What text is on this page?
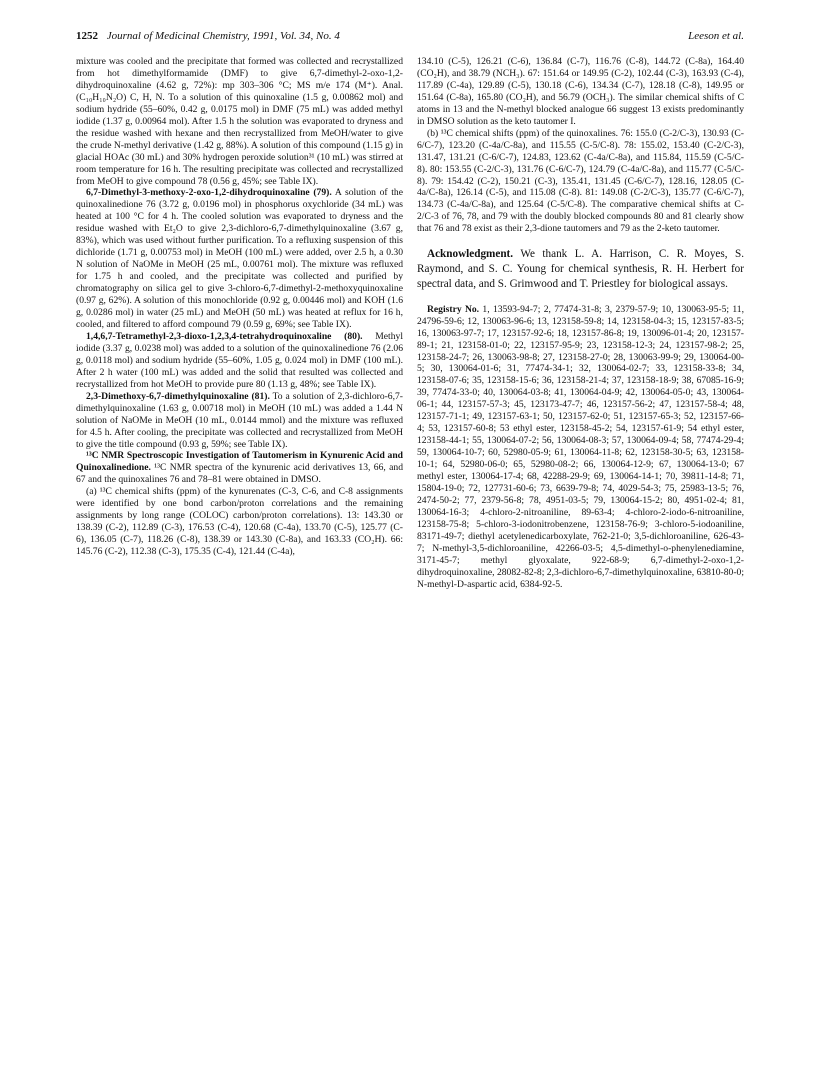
1252 Journal of Medicinal Chemistry, 1991, Vol. 34, No. 4	Leeson et al.

mixture was cooled and the precipitate that formed was collected and recrystallized from hot dimethylformamide (DMF) to give 6,7-dimethyl-2-oxo-1,2-dihydroquinoxaline (4.62 g, 72%): mp 303–306 °C; MS m/e 174 (M⁺). Anal. (C₁₀H₁₀N₂O) C, H, N. To a solution of this quinoxaline (1.5 g, 0.00862 mol) and sodium hydride (55–60%, 0.42 g, 0.0175 mol) in DMF (75 mL) was added methyl iodide (1.37 g, 0.00964 mol). After 1.5 h the solution was evaporated to dryness and the residue washed with hexane and then recrystallized from MeOH/water to give the crude N-methyl derivative (1.42 g, 88%). A solution of this compound (1.15 g) in glacial HOAc (30 mL) and 30% hydrogen peroxide solution³¹ (10 mL) was stirred at room temperature for 16 h. The resulting precipitate was collected and recrystallized from MeOH to give compound 78 (0.56 g, 45%; see Table IX).

6,7-Dimethyl-3-methoxy-2-oxo-1,2-dihydroquinoxaline (79). A solution of the quinoxalinedione 76 (3.72 g, 0.0196 mol) in phosphorus oxychloride (34 mL) was heated at 100 °C for 4 h. The cooled solution was evaporated to dryness and the residue washed with Et₂O to give 2,3-dichloro-6,7-dimethylquinoxaline (3.67 g, 83%), which was used without further purification. To a refluxing suspension of this dichloride (1.71 g, 0.00753 mol) in MeOH (100 mL) were added, over 2.5 h, a 0.30 N solution of NaOMe in MeOH (25 mL, 0.00761 mol). The mixture was refluxed for 1.75 h and cooled, and the precipitate was collected and purified by chromatography on silica gel to give 3-chloro-6,7-dimethyl-2-methoxyquinoxaline (0.97 g, 62%). A solution of this monochloride (0.92 g, 0.00446 mol) and KOH (1.6 g, 0.0286 mol) in water (25 mL) and MeOH (50 mL) was heated at reflux for 16 h, cooled, and filtered to afford compound 79 (0.59 g, 69%; see Table IX).

1,4,6,7-Tetramethyl-2,3-dioxo-1,2,3,4-tetrahydroquinoxaline (80). Methyl iodide (3.37 g, 0.0238 mol) was added to a solution of the quinoxalinedione 76 (2.06 g, 0.0118 mol) and sodium hydride (55–60%, 1.05 g, 0.024 mol) in DMF (100 mL). After 2 h water (100 mL) was added and the solid that resulted was collected and recrystallized from hot MeOH to provide pure 80 (1.13 g, 48%; see Table IX).

2,3-Dimethoxy-6,7-dimethylquinoxaline (81). To a solution of 2,3-dichloro-6,7-dimethylquinoxaline (1.63 g, 0.00718 mol) in MeOH (10 mL) was added a 1.44 N solution of NaOMe in MeOH (10 mL, 0.0144 mmol) and the mixture was refluxed for 4.5 h. After cooling, the precipitate was collected and recrystallized from MeOH to give the title compound (0.93 g, 59%; see Table IX).

¹³C NMR Spectroscopic Investigation of Tautomerism in Kynurenic Acid and Quinoxalinedione. ¹³C NMR spectra of the kynurenic acid derivatives 13, 66, and 67 and the quinoxalines 76 and 78–81 were obtained in DMSO.

(a) ¹³C chemical shifts (ppm) of the kynurenates (C-3, C-6, and C-8 assignments were identified by one bond carbon/proton correlations and the remaining assignments by long range (COLOC) carbon/proton correlations). 13: 143.30 or 138.39 (C-2), 112.89 (C-3), 176.53 (C-4), 120.68 (C-4a), 133.70 (C-5), 125.77 (C-6), 136.05 (C-7), 118.26 (C-8), 138.39 or 143.30 (C-8a), and 163.33 (CO₂H). 66: 145.76 (C-2), 112.38 (C-3), 175.35 (C-4), 121.44 (C-4a),

134.10 (C-5), 126.21 (C-6), 136.84 (C-7), 116.76 (C-8), 144.72 (C-8a), 164.40 (CO₂H), and 38.79 (NCH₃). 67: 151.64 or 149.95 (C-2), 102.44 (C-3), 163.93 (C-4), 117.89 (C-4a), 129.89 (C-5), 130.18 (C-6), 134.34 (C-7), 128.18 (C-8), 149.95 or 151.64 (C-8a), 165.80 (CO₂H), and 56.79 (OCH₃). The similar chemical shifts of C atoms in 13 and the N-methyl blocked analogue 66 suggest 13 exists predominantly in DMSO solution as the keto tautomer I.

(b) ¹³C chemical shifts (ppm) of the quinoxalines. 76: 155.0 (C-2/C-3), 130.93 (C-6/C-7), 123.20 (C-4a/C-8a), and 115.55 (C-5/C-8). 78: 155.02, 153.40 (C-2/C-3), 131.47, 131.21 (C-6/C-7), 124.83, 123.62 (C-4a/C-8a), and 115.84, 115.59 (C-5/C-8). 80: 153.55 (C-2/C-3), 131.76 (C-6/C-7), 124.79 (C-4a/C-8a), and 115.77 (C-5/C-8). 79: 154.42 (C-2), 150.21 (C-3), 135.41, 131.45 (C-6/C-7), 128.16, 128.05 (C-4a/C-8a), 126.14 (C-5), and 115.08 (C-8). 81: 149.08 (C-2/C-3), 135.77 (C-6/C-7), 134.73 (C-4a/C-8a), and 125.64 (C-5/C-8). The comparative chemical shifts at C-2/C-3 of 76, 78, and 79 with the doubly blocked compounds 80 and 81 clearly show that 76 and 78 exist as their 2,3-dione tautomers and 79 as the 2-keto tautomer.

Acknowledgment. We thank L. A. Harrison, C. R. Moyes, S. Raymond, and S. C. Young for chemical synthesis, R. H. Herbert for spectral data, and S. Grimwood and T. Priestley for biological assays.

Registry No. 1, 13593-94-7; 2, 77474-31-8; 3, 2379-57-9; 10, 130063-95-5; 11, 24796-59-6; 12, 130063-96-6; 13, 123158-59-8; 14, 123158-04-3; 15, 123157-83-5; 16, 130063-97-7; 17, 123157-92-6; 18, 123157-86-8; 19, 130096-01-4; 20, 123157-89-1; 21, 123158-01-0; 22, 123157-95-9; 23, 123158-12-3; 24, 123157-98-2; 25, 123158-24-7; 26, 130063-98-8; 27, 123158-27-0; 28, 130063-99-9; 29, 130064-00-5; 30, 130064-01-6; 31, 77474-34-1; 32, 130064-02-7; 33, 123158-33-8; 34, 123158-07-6; 35, 123158-15-6; 36, 123158-21-4; 37, 123158-18-9; 38, 67085-16-9; 39, 77474-33-0; 40, 130064-03-8; 41, 130064-04-9; 42, 130064-05-0; 43, 130064-06-1; 44, 123157-57-3; 45, 123173-47-7; 46, 123157-56-2; 47, 123157-58-4; 48, 123157-71-1; 49, 123157-63-1; 50, 123157-62-0; 51, 123157-65-3; 52, 123157-66-4; 53, 123157-60-8; 53 ethyl ester, 123158-45-2; 54, 123157-61-9; 54 ethyl ester, 123158-44-1; 55, 130064-07-2; 56, 130064-08-3; 57, 130064-09-4; 58, 77474-29-4; 59, 130064-10-7; 60, 52980-05-9; 61, 130064-11-8; 62, 123158-30-5; 63, 123158-10-1; 64, 52980-06-0; 65, 52980-08-2; 66, 130064-12-9; 67, 130064-13-0; 67 methyl ester, 130064-17-4; 68, 42288-29-9; 69, 130064-14-1; 70, 39811-14-8; 71, 15804-19-0; 72, 127731-60-6; 73, 6639-79-8; 74, 4029-54-3; 75, 25983-13-5; 76, 2474-50-2; 77, 2379-56-8; 78, 4951-03-5; 79, 130064-15-2; 80, 4951-02-4; 81, 130064-16-3; 4-chloro-2-nitroaniline, 89-63-4; 4-chloro-2-iodo-6-nitroaniline, 123158-75-8; 5-chloro-3-iodonitrobenzene, 123158-76-9; 3-chloro-5-iodoaniline, 83171-49-7; diethyl acetylenedicarboxylate, 762-21-0; 3,5-dichloroaniline, 626-43-7; N-methyl-3,5-dichloroaniline, 42266-03-5; 4,5-dimethyl-o-phenylenediamine, 3171-45-7; methyl glyoxalate, 922-68-9; 6,7-dimethyl-2-oxo-1,2-dihydroquinoxaline, 28082-82-8; 2,3-dichloro-6,7-dimethylquinoxaline, 63810-80-0; N-methyl-D-aspartic acid, 6384-92-5.
